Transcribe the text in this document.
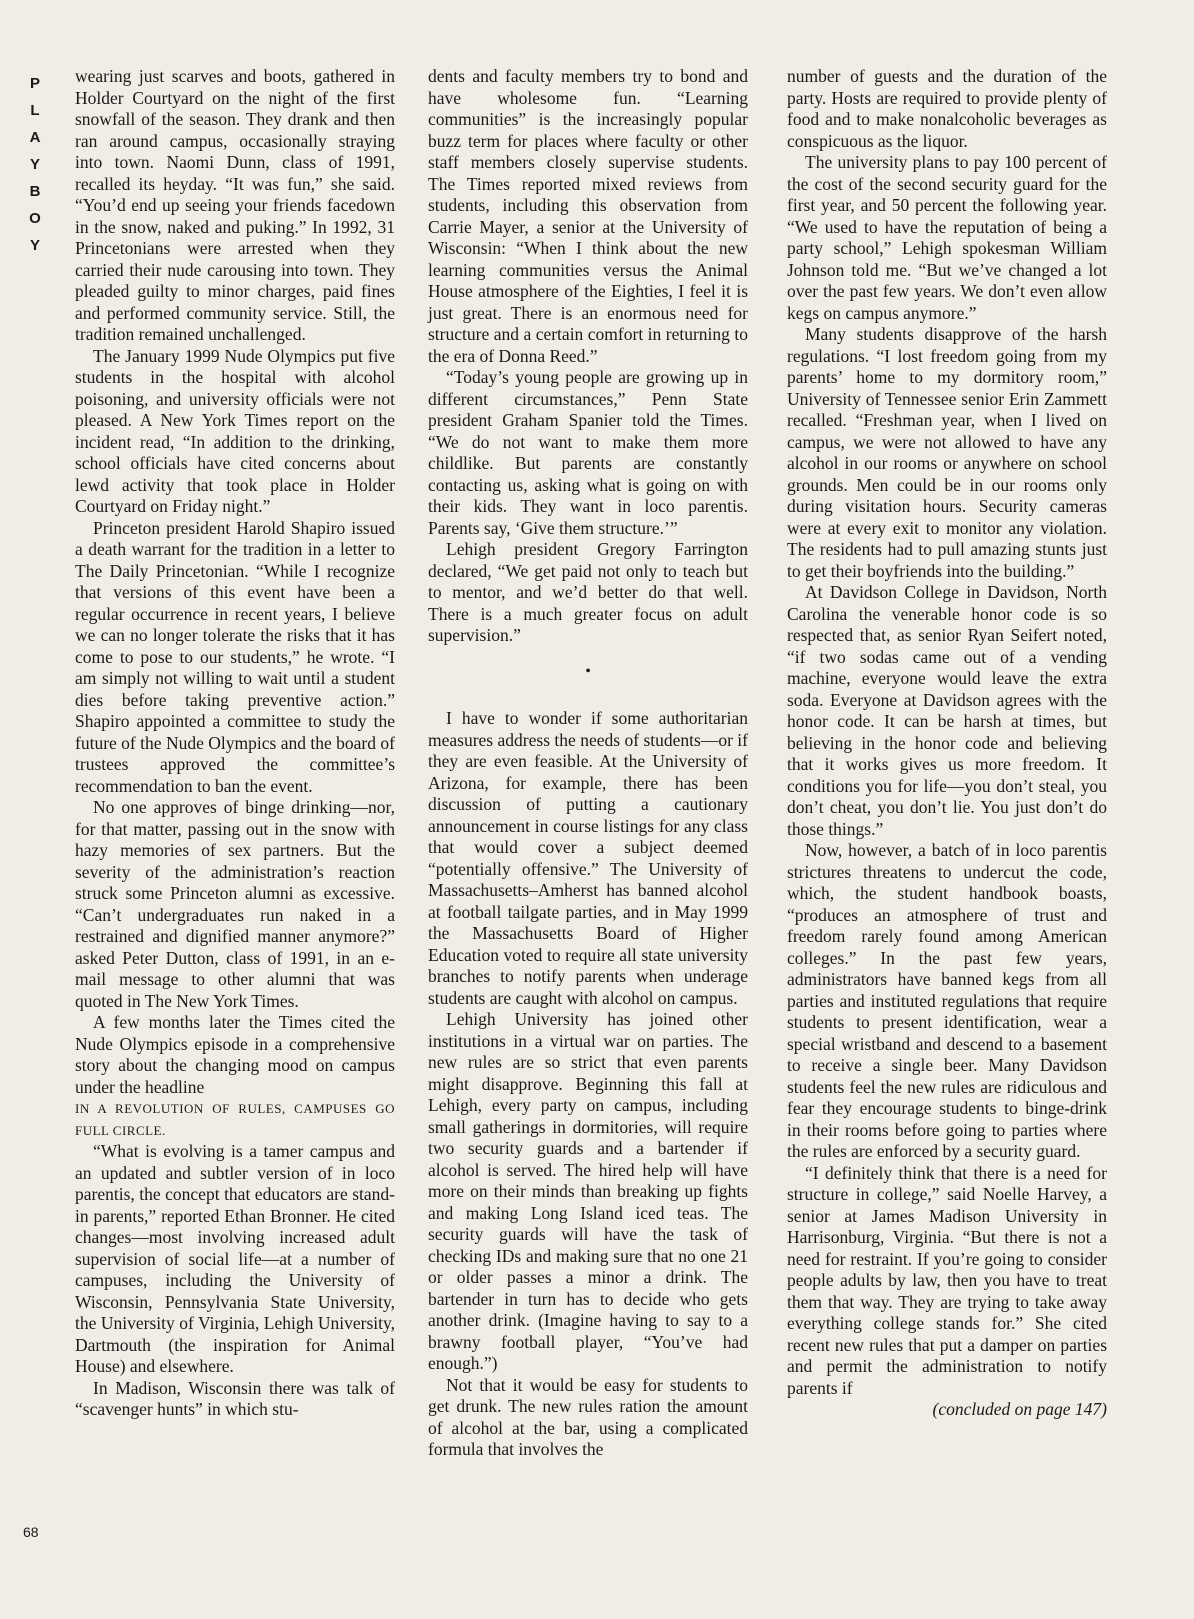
P
L
A
Y
B
O
Y
68

wearing just scarves and boots, gathered in Holder Courtyard on the night of the first snowfall of the season. They drank and then ran around campus, occasionally straying into town. Naomi Dunn, class of 1991, recalled its heyday. “It was fun,” she said. “You’d end up seeing your friends facedown in the snow, naked and puking.” In 1992, 31 Princetonians were arrested when they carried their nude carousing into town. They pleaded guilty to minor charges, paid fines and performed community service. Still, the tradition remained unchallenged.

The January 1999 Nude Olympics put five students in the hospital with alcohol poisoning, and university officials were not pleased. A New York Times report on the incident read, “In addition to the drinking, school officials have cited concerns about lewd activity that took place in Holder Courtyard on Friday night.”

Princeton president Harold Shapiro issued a death warrant for the tradition in a letter to The Daily Princetonian. “While I recognize that versions of this event have been a regular occurrence in recent years, I believe we can no longer tolerate the risks that it has come to pose to our students,” he wrote. “I am simply not willing to wait until a student dies before taking preventive action.” Shapiro appointed a committee to study the future of the Nude Olympics and the board of trustees approved the committee’s recommendation to ban the event.

No one approves of binge drinking—nor, for that matter, passing out in the snow with hazy memories of sex partners. But the severity of the administration’s reaction struck some Princeton alumni as excessive. “Can’t undergraduates run naked in a restrained and dignified manner anymore?” asked Peter Dutton, class of 1991, in an e-mail message to other alumni that was quoted in The New York Times.

A few months later the Times cited the Nude Olympics episode in a comprehensive story about the changing mood on campus under the headline

IN A REVOLUTION OF RULES, CAMPUSES GO FULL CIRCLE.

“What is evolving is a tamer campus and an updated and subtler version of in loco parentis, the concept that educators are stand-in parents,” reported Ethan Bronner. He cited changes—most involving increased adult supervision of social life—at a number of campuses, including the University of Wisconsin, Pennsylvania State University, the University of Virginia, Lehigh University, Dartmouth (the inspiration for Animal House) and elsewhere.

In Madison, Wisconsin there was talk of “scavenger hunts” in which stu-

dents and faculty members try to bond and have wholesome fun. “Learning communities” is the increasingly popular buzz term for places where faculty or other staff members closely supervise students. The Times reported mixed reviews from students, including this observation from Carrie Mayer, a senior at the University of Wisconsin: “When I think about the new learning communities versus the Animal House atmosphere of the Eighties, I feel it is just great. There is an enormous need for structure and a certain comfort in returning to the era of Donna Reed.”

“Today’s young people are growing up in different circumstances,” Penn State president Graham Spanier told the Times. “We do not want to make them more childlike. But parents are constantly contacting us, asking what is going on with their kids. They want in loco parentis. Parents say, ‘Give them structure.’”

Lehigh president Gregory Farrington declared, “We get paid not only to teach but to mentor, and we’d better do that well. There is a much greater focus on adult supervision.”

•

I have to wonder if some authoritarian measures address the needs of students—or if they are even feasible. At the University of Arizona, for example, there has been discussion of putting a cautionary announcement in course listings for any class that would cover a subject deemed “potentially offensive.” The University of Massachusetts–Amherst has banned alcohol at football tailgate parties, and in May 1999 the Massachusetts Board of Higher Education voted to require all state university branches to notify parents when underage students are caught with alcohol on campus.

Lehigh University has joined other institutions in a virtual war on parties. The new rules are so strict that even parents might disapprove. Beginning this fall at Lehigh, every party on campus, including small gatherings in dormitories, will require two security guards and a bartender if alcohol is served. The hired help will have more on their minds than breaking up fights and making Long Island iced teas. The security guards will have the task of checking IDs and making sure that no one 21 or older passes a minor a drink. The bartender in turn has to decide who gets another drink. (Imagine having to say to a brawny football player, “You’ve had enough.”)

Not that it would be easy for students to get drunk. The new rules ration the amount of alcohol at the bar, using a complicated formula that involves the

number of guests and the duration of the party. Hosts are required to provide plenty of food and to make nonalcoholic beverages as conspicuous as the liquor.

The university plans to pay 100 percent of the cost of the second security guard for the first year, and 50 percent the following year. “We used to have the reputation of being a party school,” Lehigh spokesman William Johnson told me. “But we’ve changed a lot over the past few years. We don’t even allow kegs on campus anymore.”

Many students disapprove of the harsh regulations. “I lost freedom going from my parents’ home to my dormitory room,” University of Tennessee senior Erin Zammett recalled. “Freshman year, when I lived on campus, we were not allowed to have any alcohol in our rooms or anywhere on school grounds. Men could be in our rooms only during visitation hours. Security cameras were at every exit to monitor any violation. The residents had to pull amazing stunts just to get their boyfriends into the building.”

At Davidson College in Davidson, North Carolina the venerable honor code is so respected that, as senior Ryan Seifert noted, “if two sodas came out of a vending machine, everyone would leave the extra soda. Everyone at Davidson agrees with the honor code. It can be harsh at times, but believing in the honor code and believing that it works gives us more freedom. It conditions you for life—you don’t steal, you don’t cheat, you don’t lie. You just don’t do those things.”

Now, however, a batch of in loco parentis strictures threatens to undercut the code, which, the student handbook boasts, “produces an atmosphere of trust and freedom rarely found among American colleges.” In the past few years, administrators have banned kegs from all parties and instituted regulations that require students to present identification, wear a special wristband and descend to a basement to receive a single beer. Many Davidson students feel the new rules are ridiculous and fear they encourage students to binge-drink in their rooms before going to parties where the rules are enforced by a security guard.

“I definitely think that there is a need for structure in college,” said Noelle Harvey, a senior at James Madison University in Harrisonburg, Virginia. “But there is not a need for restraint. If you’re going to consider people adults by law, then you have to treat them that way. They are trying to take away everything college stands for.” She cited recent new rules that put a damper on parties and permit the administration to notify parents if

(concluded on page 147)
